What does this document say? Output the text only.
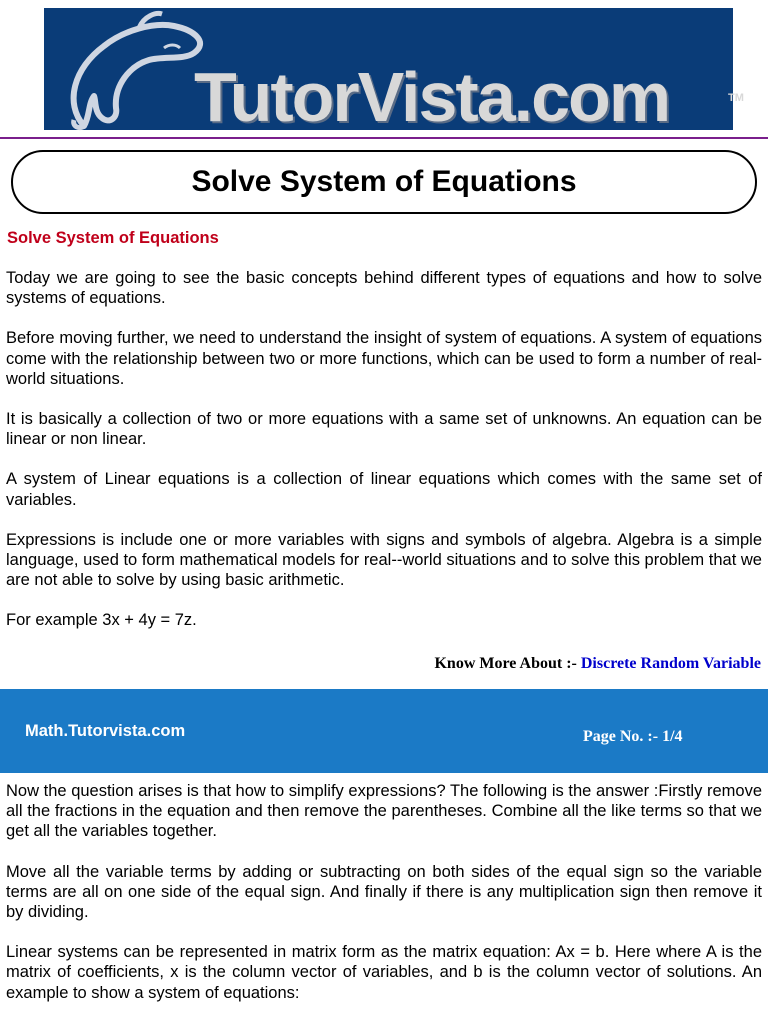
TutorVista.com	TM
Solve System of Equations
Solve System of Equations

Today we are going to see the basic concepts behind different types of equations and how to solve systems of equations.

Before moving further, we need to understand the insight of system of equations. A system of equations come with the relationship between two or more functions, which can be used to form a number of real-world situations.

It is basically a collection of two or more equations with a same set of unknowns. An equation can be linear or non linear.

A system of Linear equations is a collection of linear equations which comes with the same set of variables.

Expressions is include one or more variables with signs and symbols of algebra. Algebra is a simple language, used to form mathematical models for real--world situations and to solve this problem that we are not able to solve by using basic arithmetic.

For example 3x + 4y = 7z.

Know More About :- Discrete Random Variable
Math.Tutorvista.com	Page No. :- 1/4

Now the question arises is that how to simplify expressions? The following is the answer :Firstly remove all the fractions in the equation and then remove the parentheses. Combine all the like terms so that we get all the variables together.

Move all the variable terms by adding or subtracting on both sides of the equal sign so the variable terms are all on one side of the equal sign. And finally if there is any multiplication sign then remove it by dividing.

Linear systems can be represented in matrix form as the matrix equation: Ax = b. Here where A is the matrix of coefficients, x is the column vector of variables, and b is the column vector of solutions. An example to show a system of equations:
